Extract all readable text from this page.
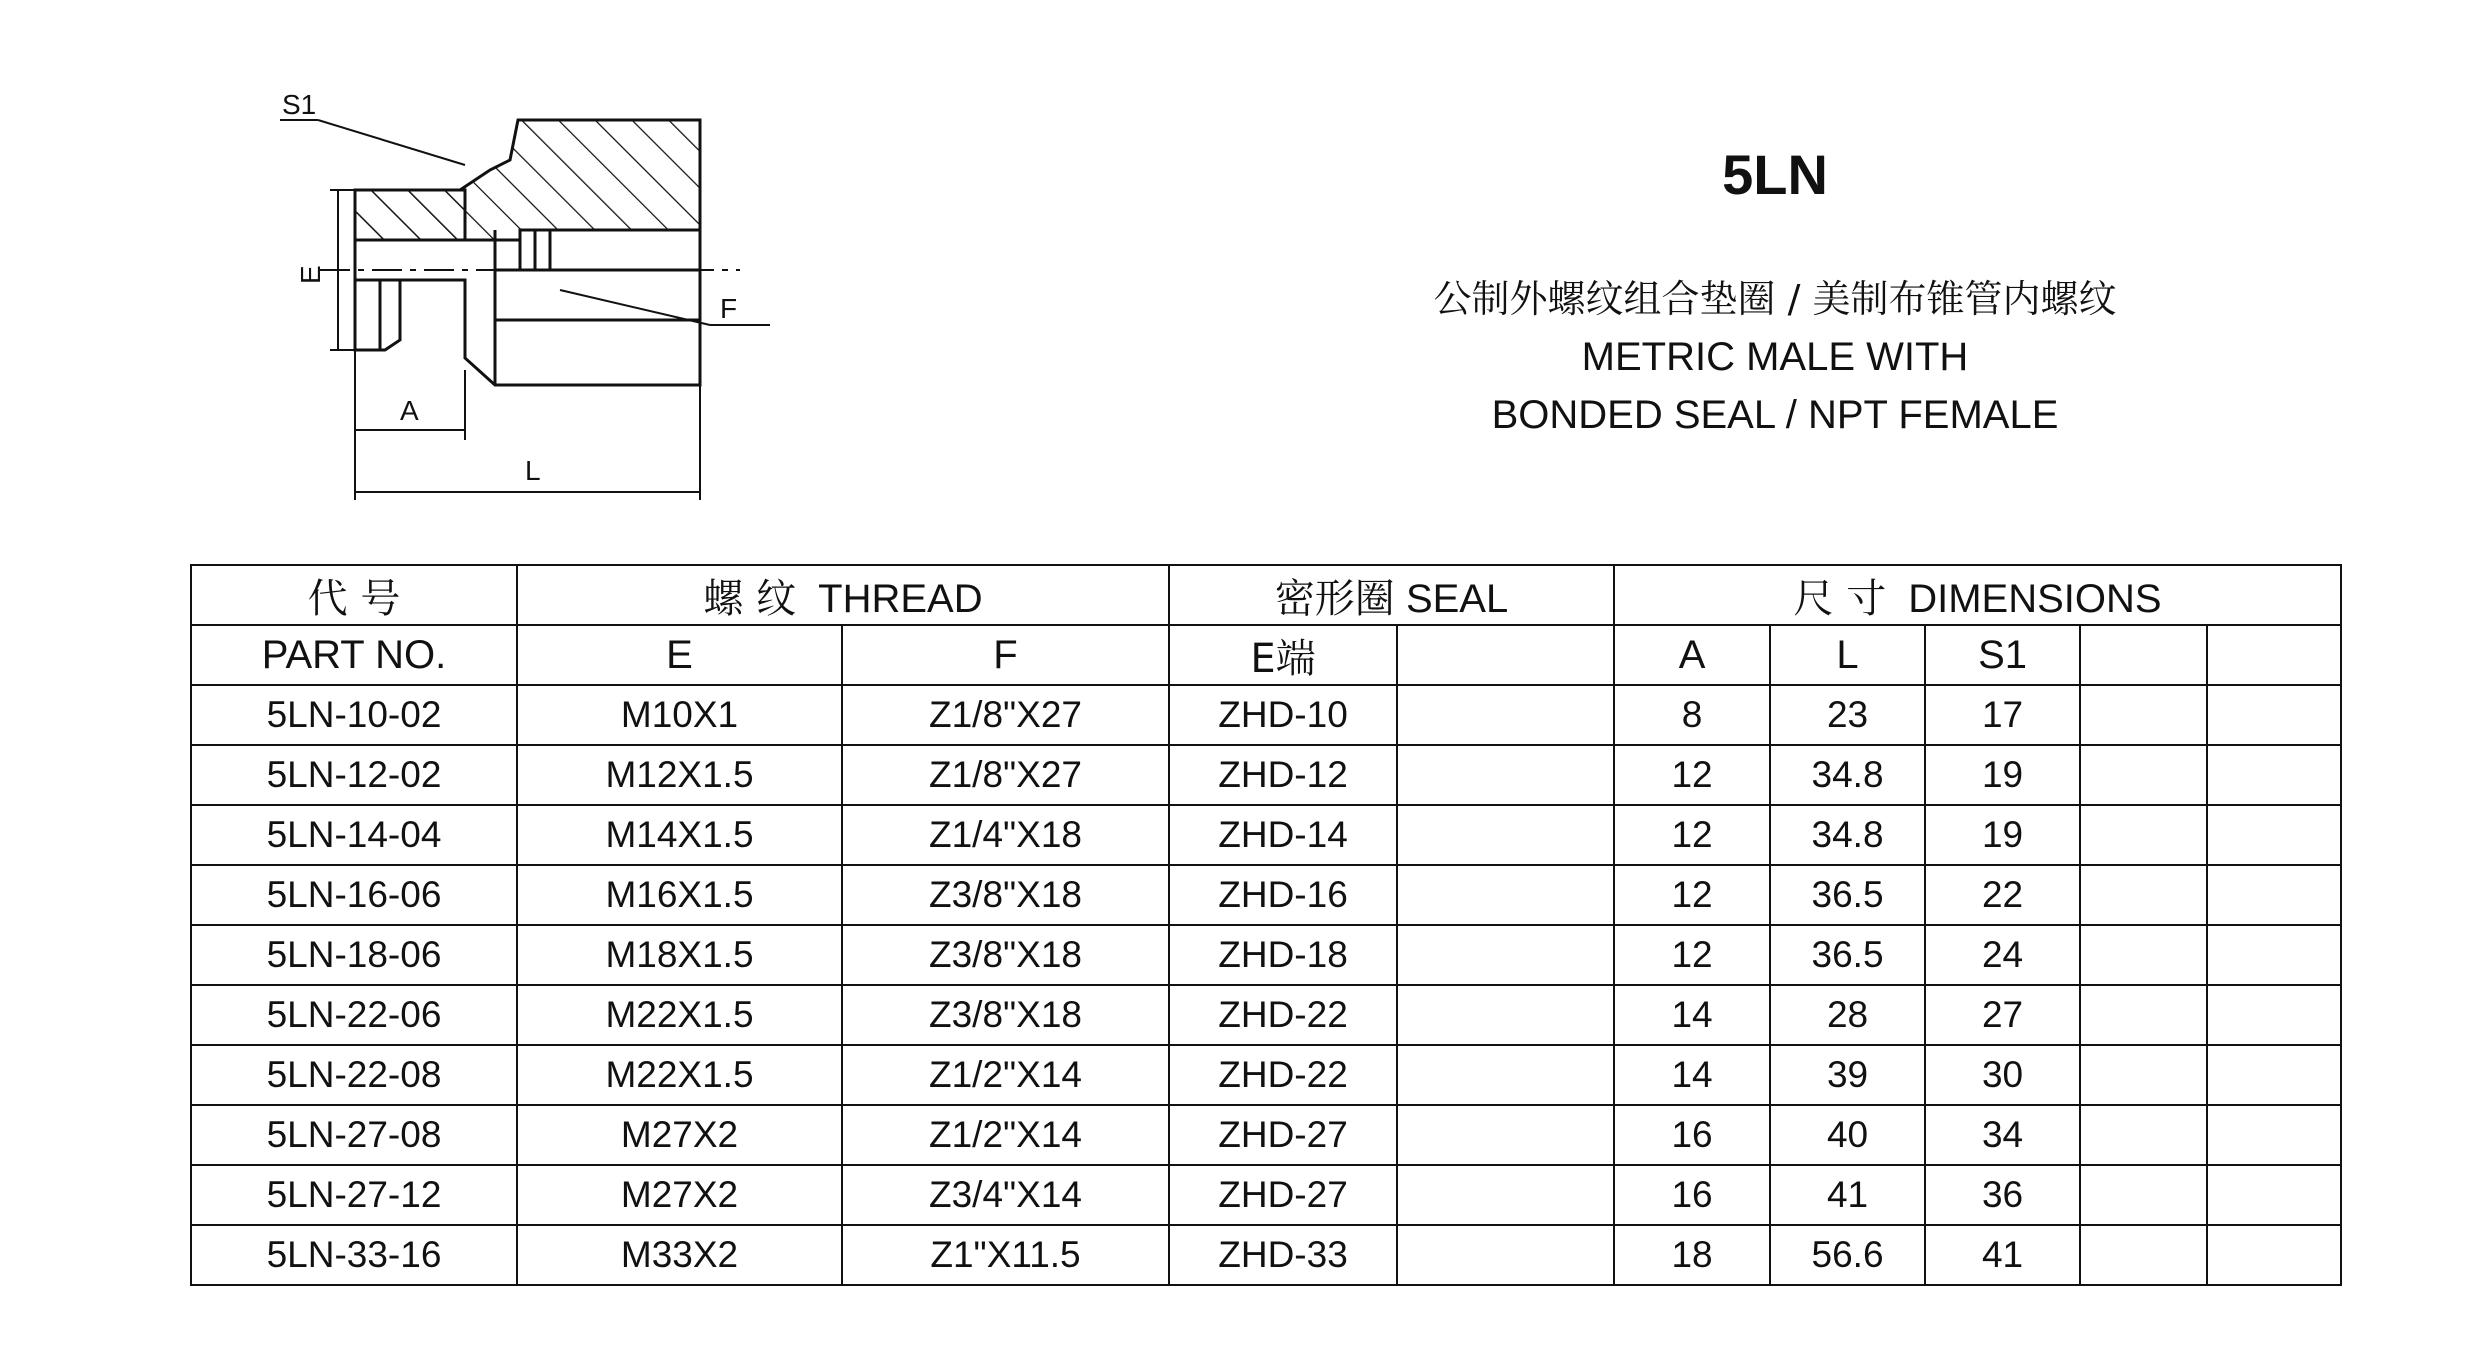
S1
E
F
A
L
5LN
公制外螺纹组合垫圈 / 美制布锥管内螺纹
METRIC MALE WITH
BONDED SEAL / NPT FEMALE
代 号	螺 纹 THREAD		密形圈 SEAL		尺 寸 DIMENSIONS				
PART NO.	E	F	E端		A	L	S1		
5LN-10-02	M10X1	Z1/8"X27	ZHD-10		8	23	17		
5LN-12-02	M12X1.5	Z1/8"X27	ZHD-12		12	34.8	19		
5LN-14-04	M14X1.5	Z1/4"X18	ZHD-14		12	34.8	19		
5LN-16-06	M16X1.5	Z3/8"X18	ZHD-16		12	36.5	22		
5LN-18-06	M18X1.5	Z3/8"X18	ZHD-18		12	36.5	24		
5LN-22-06	M22X1.5	Z3/8"X18	ZHD-22		14	28	27		
5LN-22-08	M22X1.5	Z1/2"X14	ZHD-22		14	39	30		
5LN-27-08	M27X2	Z1/2"X14	ZHD-27		16	40	34		
5LN-27-12	M27X2	Z3/4"X14	ZHD-27		16	41	36		
5LN-33-16	M33X2	Z1"X11.5	ZHD-33		18	56.6	41		
